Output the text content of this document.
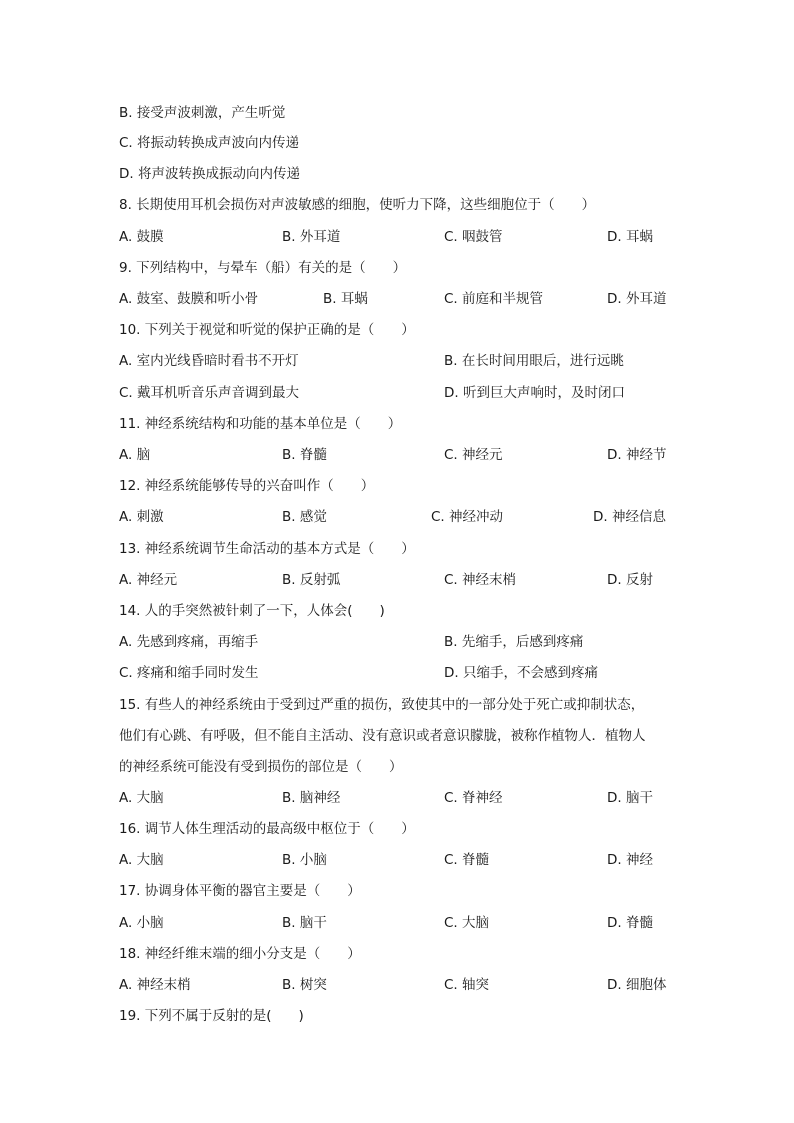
B. 接受声波刺激，产生听觉
C. 将振动转换成声波向内传递
D. 将声波转换成振动向内传递
8. 长期使用耳机会损伤对声波敏感的细胞，使听力下降，这些细胞位于（　　）
A. 鼓膜	B. 外耳道	C. 咽鼓管	D. 耳蜗
9. 下列结构中，与晕车（船）有关的是（　　）
A. 鼓室、鼓膜和听小骨	B. 耳蜗	C. 前庭和半规管	D. 外耳道
10. 下列关于视觉和听觉的保护正确的是（　　）
A. 室内光线昏暗时看书不开灯	B. 在长时间用眼后，进行远眺
C. 戴耳机听音乐声音调到最大	D. 听到巨大声响时，及时闭口
11. 神经系统结构和功能的基本单位是（　　）
A. 脑	B. 脊髓	C. 神经元	D. 神经节
12. 神经系统能够传导的兴奋叫作（　　）
A. 刺激	B. 感觉	C. 神经冲动	D. 神经信息
13. 神经系统调节生命活动的基本方式是（　　）
A. 神经元	B. 反射弧	C. 神经末梢	D. 反射
14. 人的手突然被针刺了一下，人体会(　　)
A. 先感到疼痛，再缩手	B. 先缩手，后感到疼痛
C. 疼痛和缩手同时发生	D. 只缩手，不会感到疼痛
15. 有些人的神经系统由于受到过严重的损伤，致使其中的一部分处于死亡或抑制状态，
他们有心跳、有呼吸，但不能自主活动、没有意识或者意识朦胧，被称作植物人．植物人
的神经系统可能没有受到损伤的部位是（　　）
A. 大脑	B. 脑神经	C. 脊神经	D. 脑干
16. 调节人体生理活动的最高级中枢位于（　　）
A. 大脑	B. 小脑	C. 脊髓	D. 神经
17. 协调身体平衡的器官主要是（　　）
A. 小脑	B. 脑干	C. 大脑	D. 脊髓
18. 神经纤维末端的细小分支是（　　）
A. 神经末梢	B. 树突	C. 轴突	D. 细胞体
19. 下列不属于反射的是(　　)
